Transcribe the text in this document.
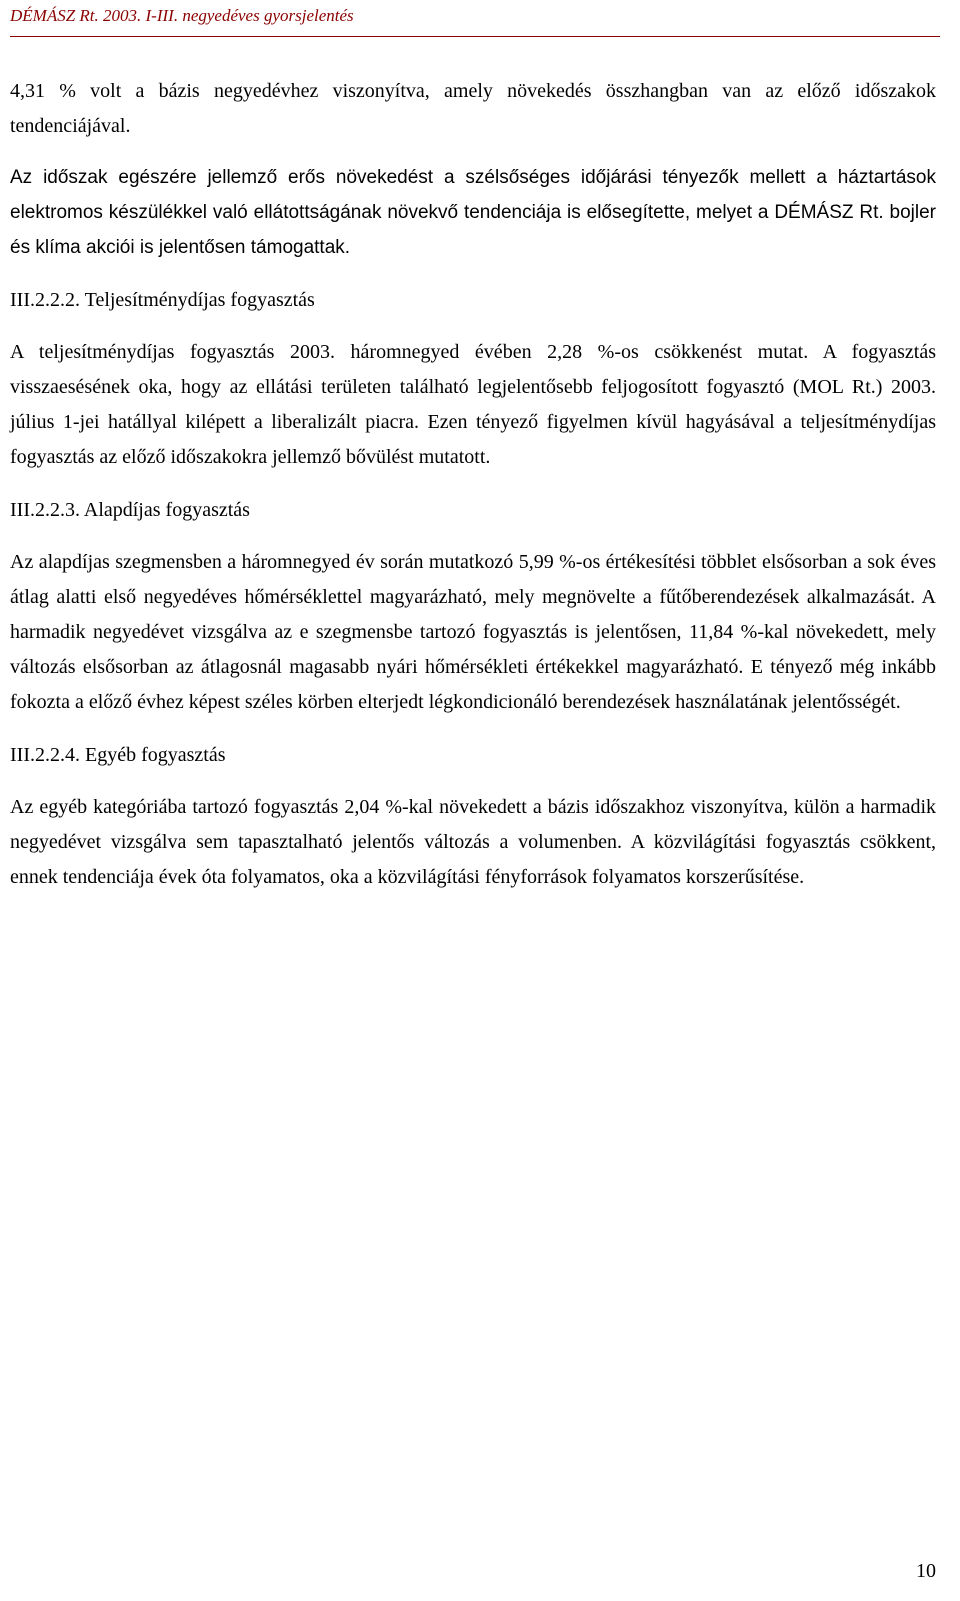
DÉMÁSZ Rt. 2003. I-III. negyedéves gyorsjelentés

4,31 % volt a bázis negyedévhez viszonyítva, amely növekedés összhangban van az előző időszakok tendenciájával.

Az időszak egészére jellemző erős növekedést a szélsőséges időjárási tényezők mellett a háztartások elektromos készülékkel való ellátottságának növekvő tendenciája is elősegítette, melyet a DÉMÁSZ Rt. bojler és klíma akciói is jelentősen támogattak.

III.2.2.2. Teljesítménydíjas fogyasztás

A teljesítménydíjas fogyasztás 2003. háromnegyed évében 2,28 %-os csökkenést mutat. A fogyasztás visszaesésének oka, hogy az ellátási területen található legjelentősebb feljogosított fogyasztó (MOL Rt.) 2003. július 1-jei hatállyal kilépett a liberalizált piacra. Ezen tényező figyelmen kívül hagyásával a teljesítménydíjas fogyasztás az előző időszakokra jellemző bővülést mutatott.

III.2.2.3. Alapdíjas fogyasztás

Az alapdíjas szegmensben a háromnegyed év során mutatkozó 5,99 %-os értékesítési többlet elsősorban a sok éves átlag alatti első negyedéves hőmérséklettel magyarázható, mely megnövelte a fűtőberendezések alkalmazását. A harmadik negyedévet vizsgálva az e szegmensbe tartozó fogyasztás is jelentősen, 11,84 %-kal növekedett, mely változás elsősorban az átlagosnál magasabb nyári hőmérsékleti értékekkel magyarázható. E tényező még inkább fokozta a előző évhez képest széles körben elterjedt légkondicionáló berendezések használatának jelentősségét.

III.2.2.4. Egyéb fogyasztás

Az egyéb kategóriába tartozó fogyasztás 2,04 %-kal növekedett a bázis időszakhoz viszonyítva, külön a harmadik negyedévet vizsgálva sem tapasztalható jelentős változás a volumenben. A közvilágítási fogyasztás csökkent, ennek tendenciája évek óta folyamatos, oka a közvilágítási fényforrások folyamatos korszerűsítése.

10
